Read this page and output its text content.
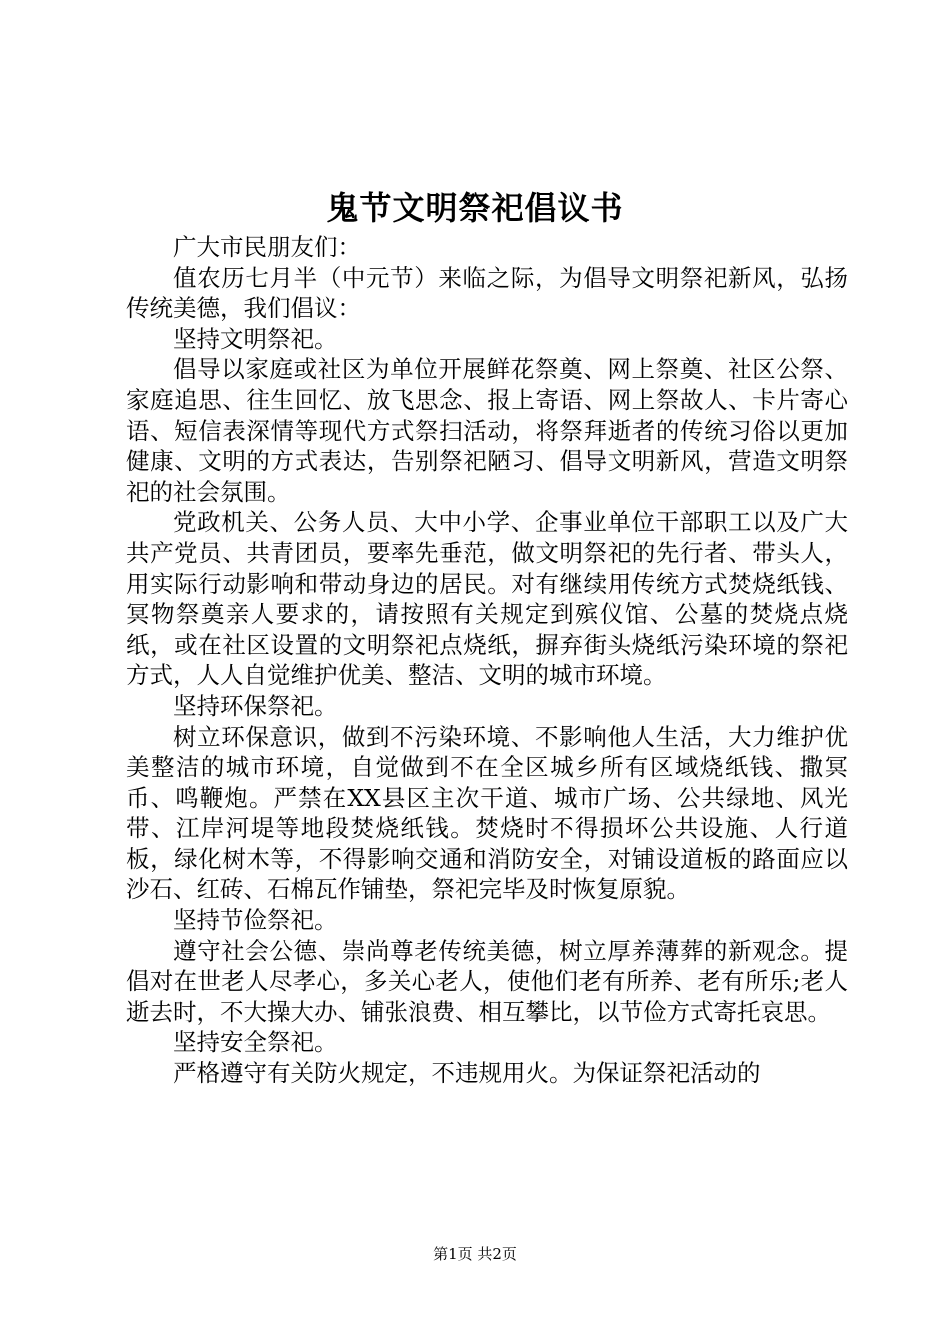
鬼节文明祭祀倡议书

广大市民朋友们：

值农历七月半（中元节）来临之际，为倡导文明祭祀新风，弘扬传统美德，我们倡议：

坚持文明祭祀。

倡导以家庭或社区为单位开展鲜花祭奠、网上祭奠、社区公祭、家庭追思、往生回忆、放飞思念、报上寄语、网上祭故人、卡片寄心语、短信表深情等现代方式祭扫活动，将祭拜逝者的传统习俗以更加健康、文明的方式表达，告别祭祀陋习、倡导文明新风，营造文明祭祀的社会氛围。

党政机关、公务人员、大中小学、企事业单位干部职工以及广大共产党员、共青团员，要率先垂范，做文明祭祀的先行者、带头人，用实际行动影响和带动身边的居民。对有继续用传统方式焚烧纸钱、冥物祭奠亲人要求的，请按照有关规定到殡仪馆、公墓的焚烧点烧纸，或在社区设置的文明祭祀点烧纸，摒弃街头烧纸污染环境的祭祀方式，人人自觉维护优美、整洁、文明的城市环境。

坚持环保祭祀。

树立环保意识，做到不污染环境、不影响他人生活，大力维护优美整洁的城市环境，自觉做到不在全区城乡所有区域烧纸钱、撒冥币、鸣鞭炮。严禁在XX县区主次干道、城市广场、公共绿地、风光带、江岸河堤等地段焚烧纸钱。焚烧时不得损坏公共设施、人行道板，绿化树木等，不得影响交通和消防安全，对铺设道板的路面应以沙石、红砖、石棉瓦作铺垫，祭祀完毕及时恢复原貌。

坚持节俭祭祀。

遵守社会公德、崇尚尊老传统美德，树立厚养薄葬的新观念。提倡对在世老人尽孝心，多关心老人，使他们老有所养、老有所乐;老人逝去时，不大操大办、铺张浪费、相互攀比，以节俭方式寄托哀思。

坚持安全祭祀。

严格遵守有关防火规定，不违规用火。为保证祭祀活动的

第1页 共2页
